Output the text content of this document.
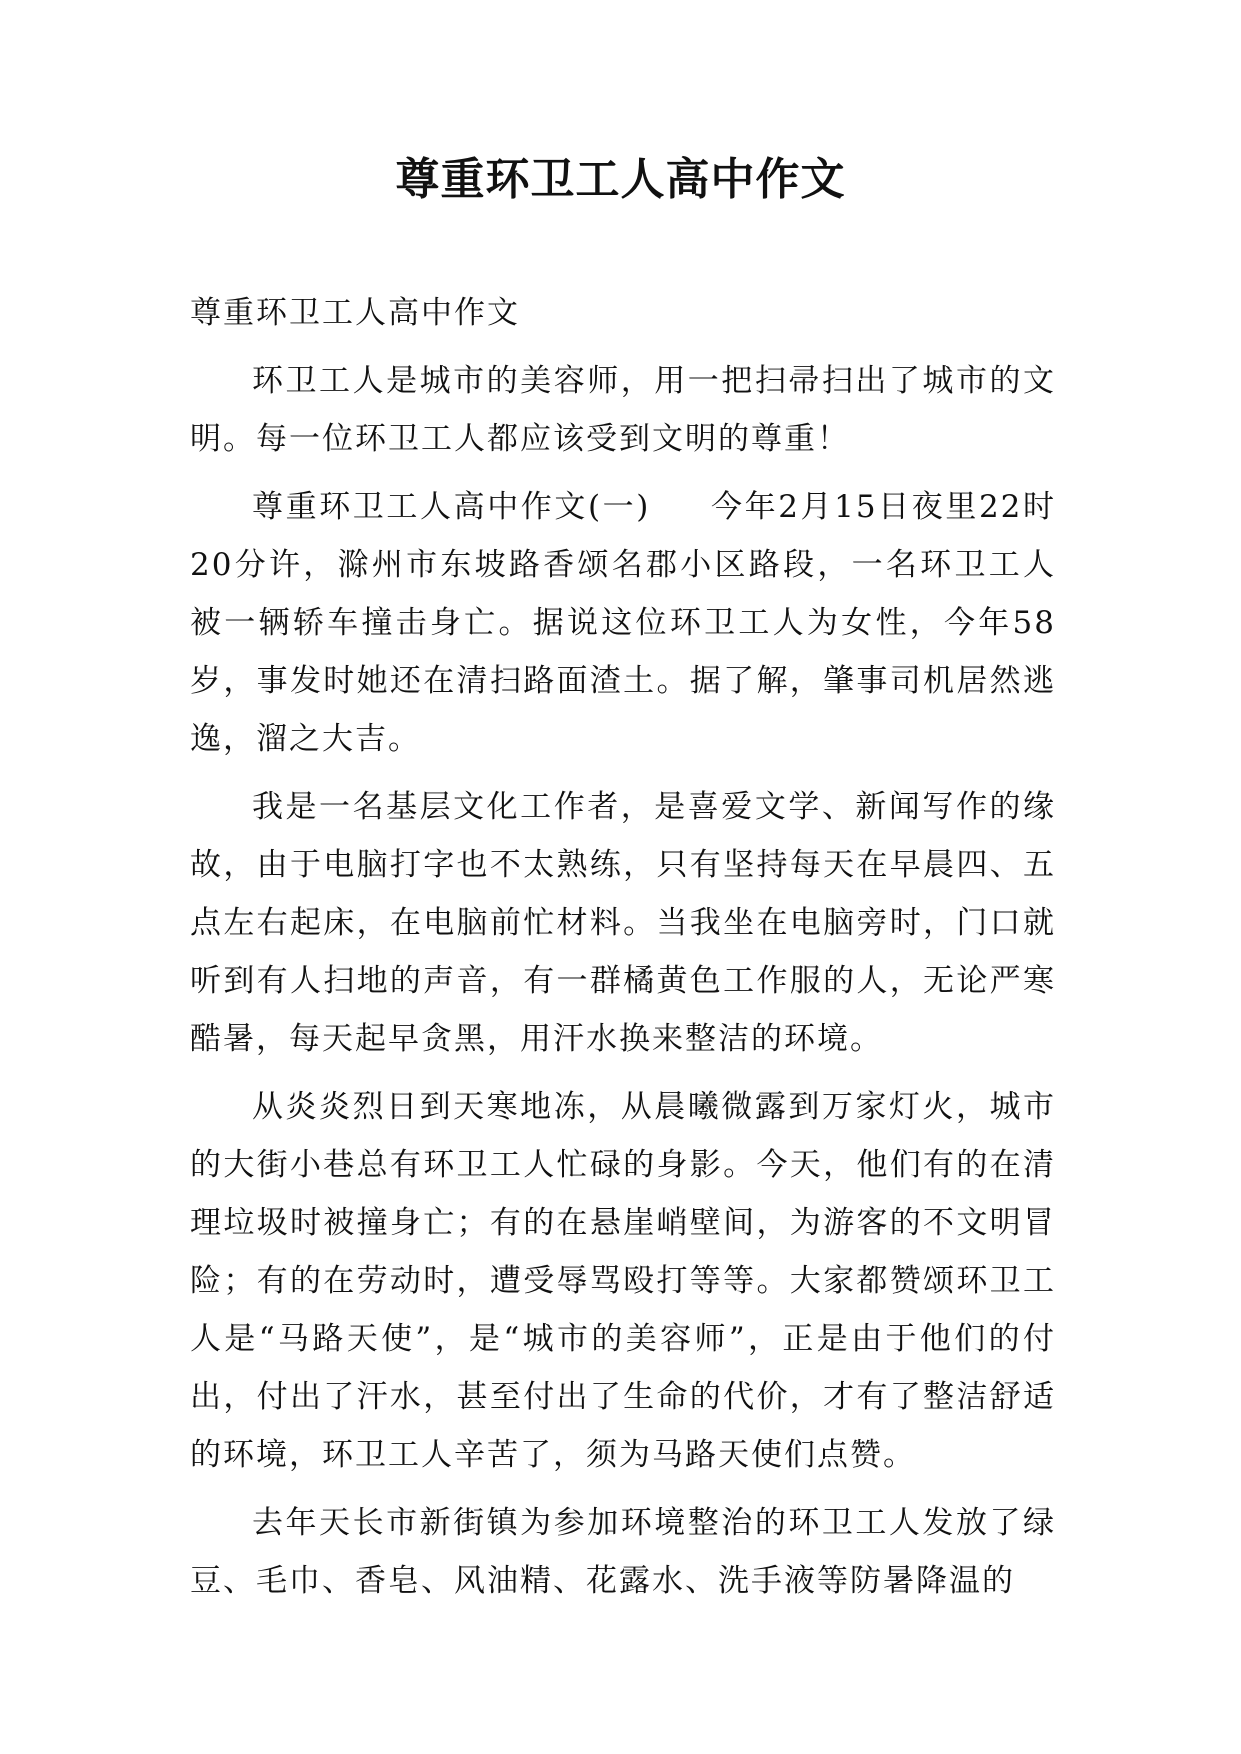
尊重环卫工人高中作文

尊重环卫工人高中作文

环卫工人是城市的美容师，用一把扫帚扫出了城市的文明。每一位环卫工人都应该受到文明的尊重！

尊重环卫工人高中作文(一) 今年2月15日夜里22时20分许，滁州市东坡路香颂名郡小区路段，一名环卫工人被一辆轿车撞击身亡。据说这位环卫工人为女性，今年58岁，事发时她还在清扫路面渣土。据了解，肇事司机居然逃逸，溜之大吉。

我是一名基层文化工作者，是喜爱文学、新闻写作的缘故，由于电脑打字也不太熟练，只有坚持每天在早晨四、五点左右起床，在电脑前忙材料。当我坐在电脑旁时，门口就听到有人扫地的声音，有一群橘黄色工作服的人，无论严寒酷暑，每天起早贪黑，用汗水换来整洁的环境。

从炎炎烈日到天寒地冻，从晨曦微露到万家灯火，城市的大街小巷总有环卫工人忙碌的身影。今天，他们有的在清理垃圾时被撞身亡；有的在悬崖峭壁间，为游客的不文明冒险；有的在劳动时，遭受辱骂殴打等等。大家都赞颂环卫工人是“马路天使”，是“城市的美容师”，正是由于他们的付出，付出了汗水，甚至付出了生命的代价，才有了整洁舒适的环境，环卫工人辛苦了，须为马路天使们点赞。

去年天长市新街镇为参加环境整治的环卫工人发放了绿豆、毛巾、香皂、风油精、花露水、洗手液等防暑降温的
